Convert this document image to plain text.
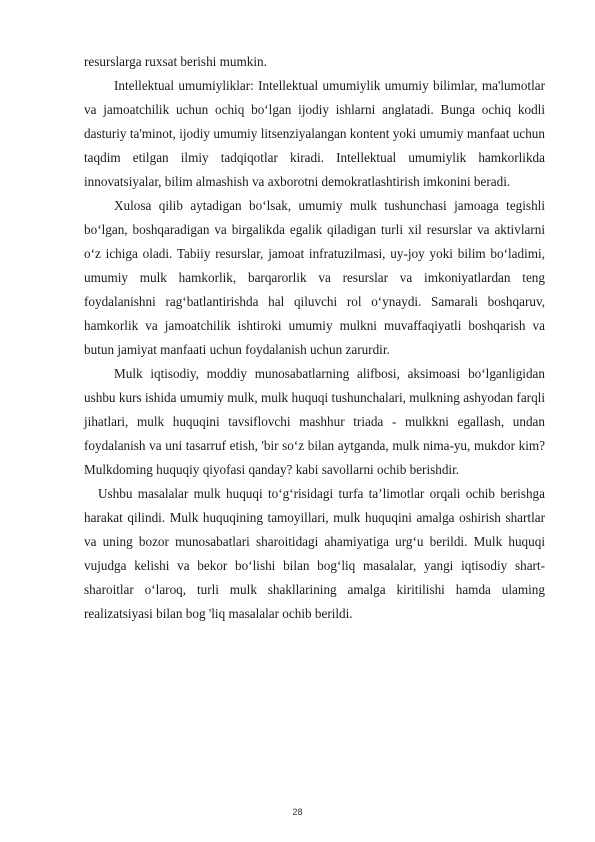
resurslarga ruxsat berishi mumkin.

Intellektual umumiyliklar: Intellektual umumiylik umumiy bilimlar, ma'lumotlar va jamoatchilik uchun ochiq bo‘lgan ijodiy ishlarni anglatadi. Bunga ochiq kodli dasturiy ta'minot, ijodiy umumiy litsenziyalangan kontent yoki umumiy manfaat uchun taqdim etilgan ilmiy tadqiqotlar kiradi. Intellektual umumiylik hamkorlikda innovatsiyalar, bilim almashish va axborotni demokratlashtirish imkonini beradi.

Xulosa qilib aytadigan bo‘lsak, umumiy mulk tushunchasi jamoaga tegishli bo‘lgan, boshqaradigan va birgalikda egalik qiladigan turli xil resurslar va aktivlarni o‘z ichiga oladi. Tabiiy resurslar, jamoat infratuzilmasi, uy-joy yoki bilim bo‘ladimi, umumiy mulk hamkorlik, barqarorlik va resurslar va imkoniyatlardan teng foydalanishni rag‘batlantirishda hal qiluvchi rol o‘ynaydi. Samarali boshqaruv, hamkorlik va jamoatchilik ishtiroki umumiy mulkni muvaffaqiyatli boshqarish va butun jamiyat manfaati uchun foydalanish uchun zarurdir.

Mulk iqtisodiy, moddiy munosabatlarning alifbosi, aksimoasi bo‘lganligidan ushbu kurs ishida umumiy mulk, mulk huquqi tushunchalari, mulkning ashyodan farqli jihatlari, mulk huquqini tavsiflovchi mashhur triada - mulkkni egallash, undan foydalanish va uni tasarruf etish, 'bir so‘z bilan aytganda, mulk nima-yu, mukdor kim? Mulkdoming huquqiy qiyofasi qanday? kabi savollarni ochib berishdir.

Ushbu masalalar mulk huquqi to‘g‘risidagi turfa ta’limotlar orqali ochib berishga harakat qilindi. Mulk huquqining tamoyillari, mulk huquqini amalga oshirish shartlar va uning bozor munosabatlari sharoitidagi ahamiyatiga urg‘u berildi. Mulk huquqi vujudga kelishi va bekor bo‘lishi bilan bog‘liq masalalar, yangi iqtisodiy shart-sharoitlar o‘laroq, turli mulk shakllarining amalga kiritilishi hamda ulaming realizatsiyasi bilan bog 'liq masalalar ochib berildi.

28
